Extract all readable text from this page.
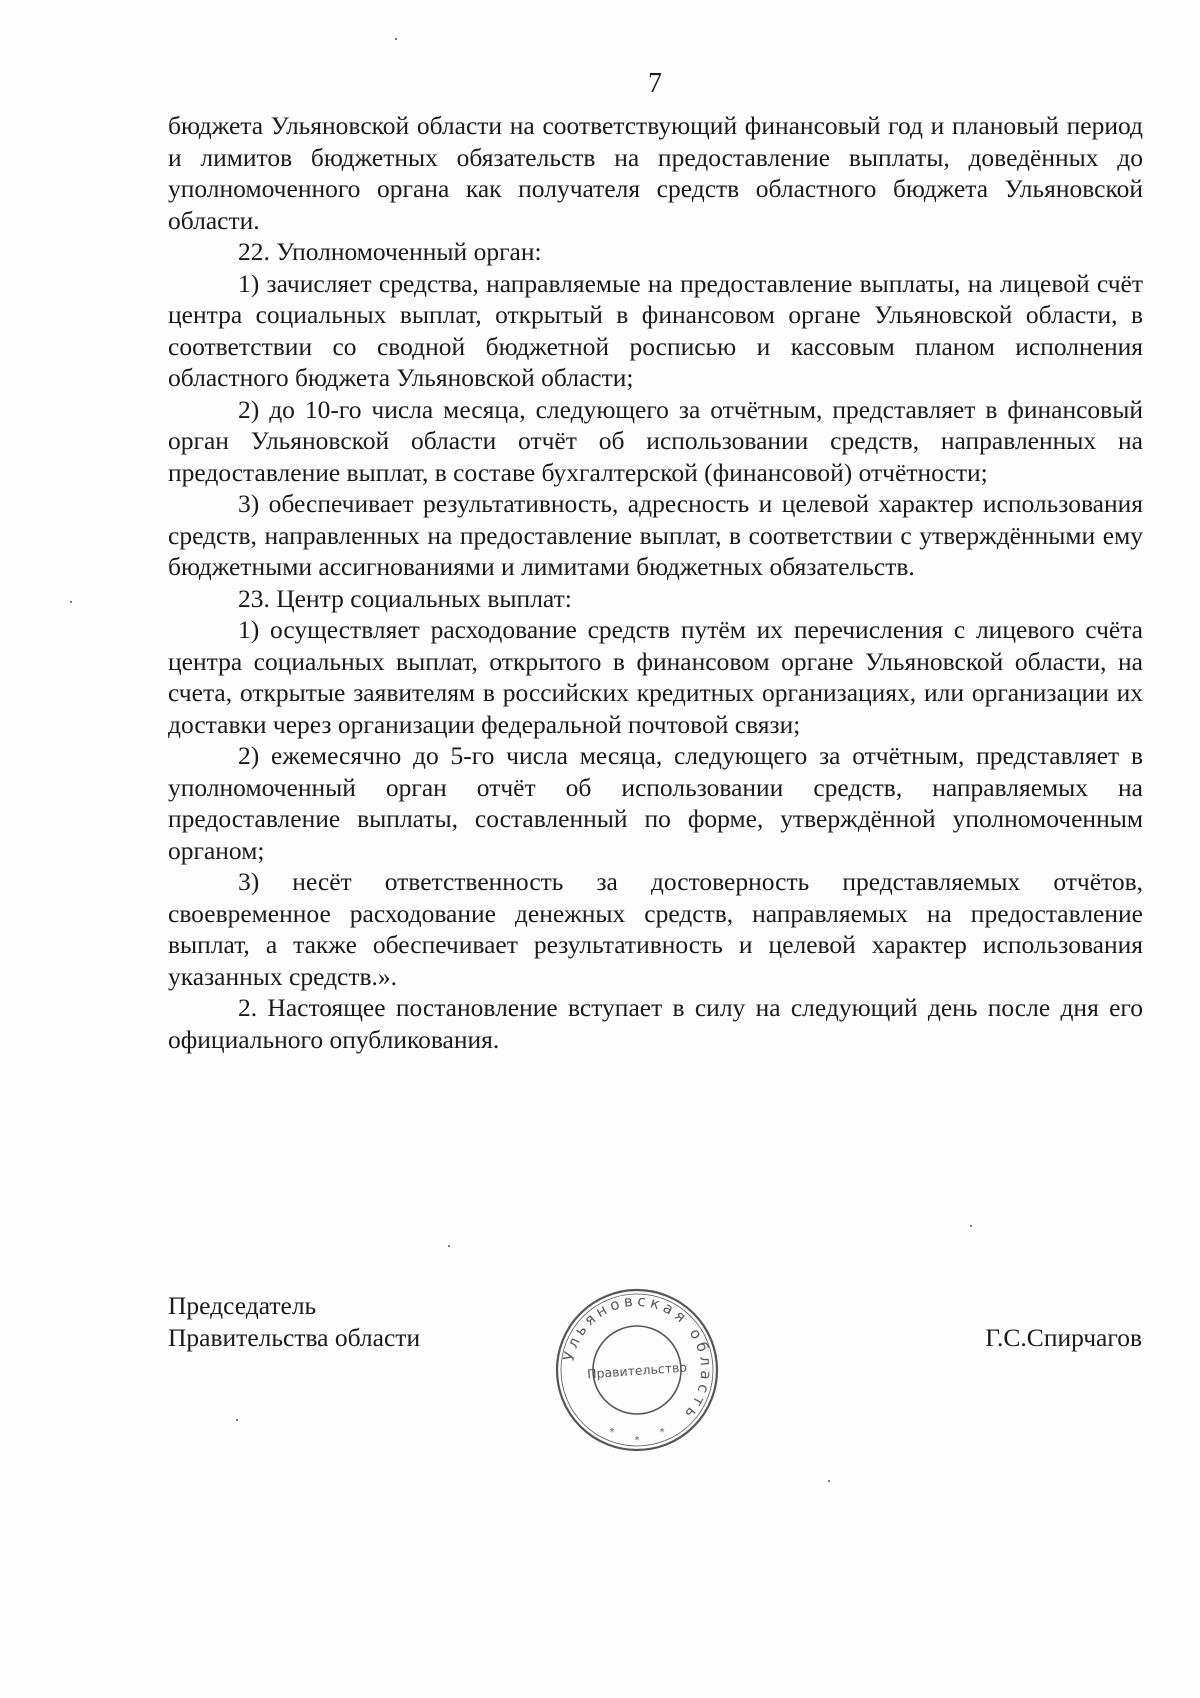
7

бюджета Ульяновской области на соответствующий финансовый год и плановый период и лимитов бюджетных обязательств на предоставление выплаты, доведённых до уполномоченного органа как получателя средств областного бюджета Ульяновской области.

22. Уполномоченный орган:

1) зачисляет средства, направляемые на предоставление выплаты, на лицевой счёт центра социальных выплат, открытый в финансовом органе Ульяновской области, в соответствии со сводной бюджетной росписью и кассовым планом исполнения областного бюджета Ульяновской области;

2) до 10-го числа месяца, следующего за отчётным, представляет в финансовый орган Ульяновской области отчёт об использовании средств, направленных на предоставление выплат, в составе бухгалтерской (финансовой) отчётности;

3) обеспечивает результативность, адресность и целевой характер использования средств, направленных на предоставление выплат, в соответствии с утверждёнными ему бюджетными ассигнованиями и лимитами бюджетных обязательств.

23. Центр социальных выплат:

1) осуществляет расходование средств путём их перечисления с лицевого счёта центра социальных выплат, открытого в финансовом органе Ульяновской области, на счета, открытые заявителям в российских кредитных организациях, или организации их доставки через организации федеральной почтовой связи;

2) ежемесячно до 5-го числа месяца, следующего за отчётным, представляет в уполномоченный орган отчёт об использовании средств, направляемых на предоставление выплаты, составленный по форме, утверждённой уполномоченным органом;

3) несёт ответственность за достоверность представляемых отчётов, своевременное расходование денежных средств, направляемых на предоставление выплат, а также обеспечивает результативность и целевой характер использования указанных средств.».

2. Настоящее постановление вступает в силу на следующий день после дня его официального опубликования.

Председатель
Правительства области
Ульяновская область
Правительство
*
*
*
Г.С.Спирчагов
